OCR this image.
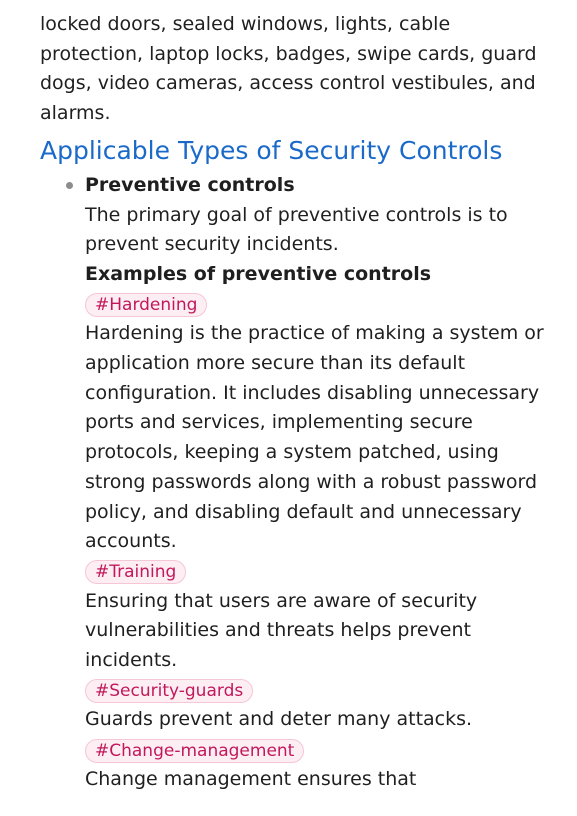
locked doors, sealed windows, lights, cable protection, laptop locks, badges, swipe cards, guard dogs, video cameras, access control vestibules, and alarms.

Applicable Types of Security Controls
Preventive controls
The primary goal of preventive controls is to prevent security incidents.
Examples of preventive controls
#Hardening
Hardening is the practice of making a system or application more secure than its default configuration. It includes disabling unnecessary ports and services, implementing secure protocols, keeping a system patched, using strong passwords along with a robust password policy, and disabling default and unnecessary accounts.
#Training
Ensuring that users are aware of security vulnerabilities and threats helps prevent incidents.
#Security-guards
Guards prevent and deter many attacks.
#Change-management
Change management ensures that
